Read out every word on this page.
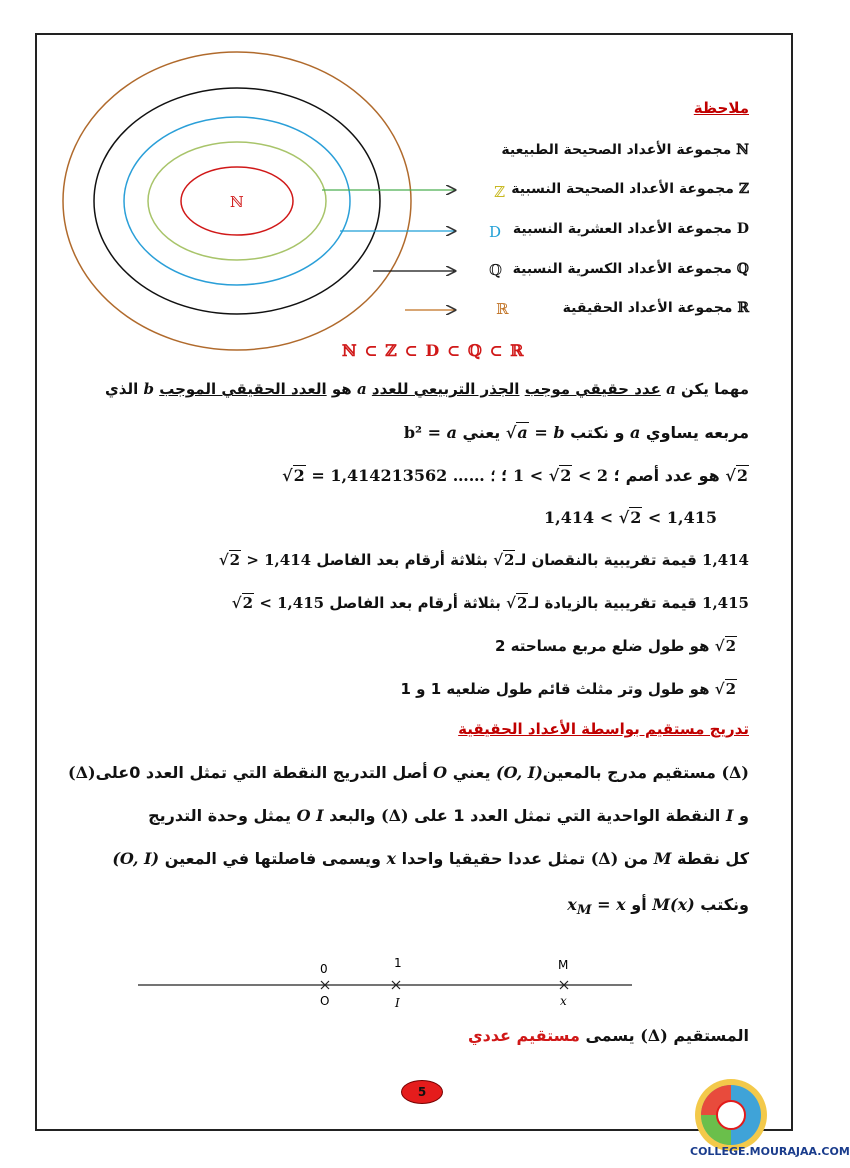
ℕ
ℤ
D
ℚ
ℝ
ملاحظة
ℕ مجموعة الأعداد الصحيحة الطبيعية
ℤ مجموعة الأعداد الصحيحة النسبية
D مجموعة الأعداد العشرية النسبية
ℚ مجموعة الأعداد الكسرية النسبية
ℝ مجموعة الأعداد الحقيقية
ℕ ⊂ ℤ ⊂ D ⊂ ℚ ⊂ ℝ
مهما يكن a عدد حقيقي موجب الجذر التربيعي للعدد a هو العدد الحقيقي الموجب b الذي
مربعه يساوي a و نكتب √a = b يعني b² = a
√2 هو عدد أصم ؛ 1 < √2 < 2 ؛ √2 = 1,414213562 …… ؛
1,414 < √2 < 1,415
1,414 قيمة تقريبية بالنقصان لـ√2 بثلاثة أرقام بعد الفاصل √2 > 1,414
1,415 قيمة تقريبية بالزيادة لـ√2 بثلاثة أرقام بعد الفاصل √2 < 1,415
√2 هو طول ضلع مربع مساحته 2
√2 هو طول وتر مثلث قائم طول ضلعيه 1 و 1
تدريج مستقيم بواسطة الأعداد الحقيقية
(Δ) مستقيم مدرج بالمعين(O, I) يعني O أصل التدريج النقطة التي تمثل العدد 0على(Δ)
و I النقطة الواحدية التي تمثل العدد 1 على (Δ) والبعد O I يمثل وحدة التدريج
كل نقطة M من (Δ) تمثل عددا حقيقيا واحدا x ويسمى فاصلتها في المعين (O, I)
ونكتب M(x) أو $x_M = x$
0	1	M
O	I	x
المستقيم (Δ) يسمى مستقيم عددي
5
COLLEGE.MOURAJAA.COM
